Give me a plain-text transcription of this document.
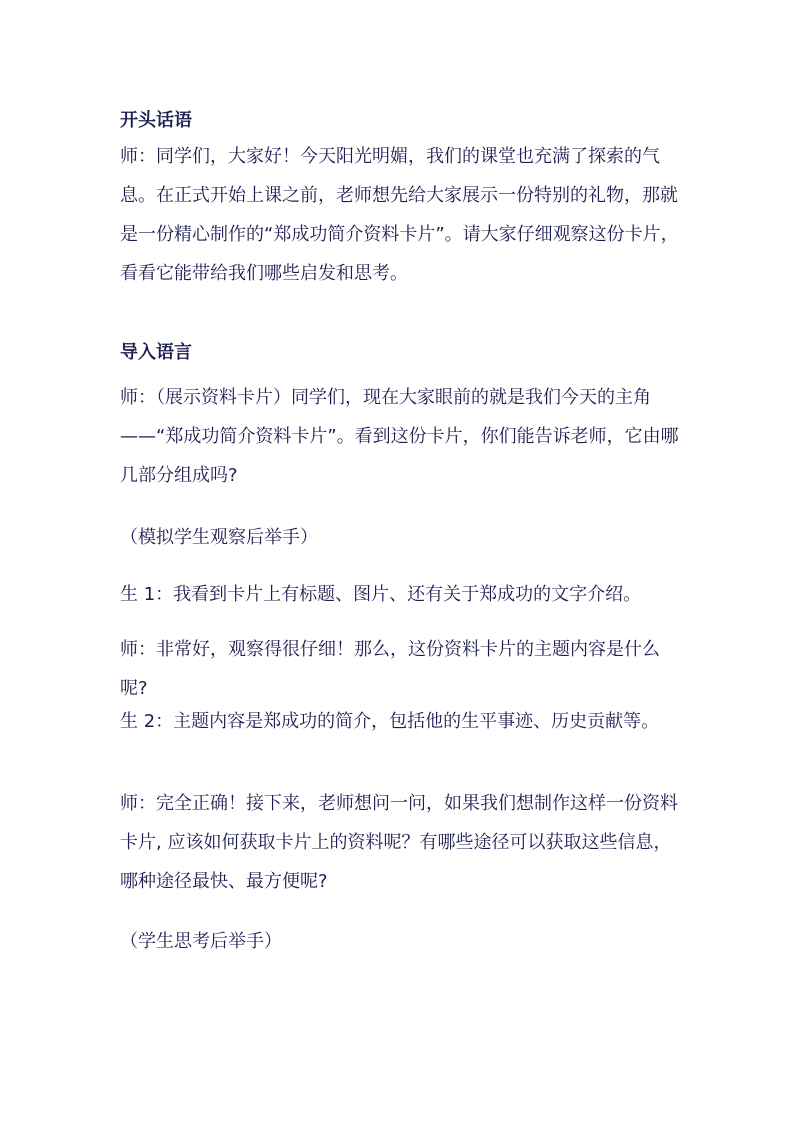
开头话语
师：同学们，大家好！今天阳光明媚，我们的课堂也充满了探索的气息。在正式开始上课之前，老师想先给大家展示一份特别的礼物，那就是一份精心制作的“郑成功简介资料卡片”。请大家仔细观察这份卡片，看看它能带给我们哪些启发和思考。
导入语言
师：（展示资料卡片）同学们，现在大家眼前的就是我们今天的主角——“郑成功简介资料卡片”。看到这份卡片，你们能告诉老师，它由哪几部分组成吗?
（模拟学生观察后举手）
生 1：我看到卡片上有标题、图片、还有关于郑成功的文字介绍。
师：非常好，观察得很仔细！那么，这份资料卡片的主题内容是什么呢?
生 2：主题内容是郑成功的简介，包括他的生平事迹、历史贡献等。
师：完全正确！接下来，老师想问一问，如果我们想制作这样一份资料卡片, 应该如何获取卡片上的资料呢？有哪些途径可以获取这些信息，哪种途径最快、最方便呢?
（学生思考后举手）
